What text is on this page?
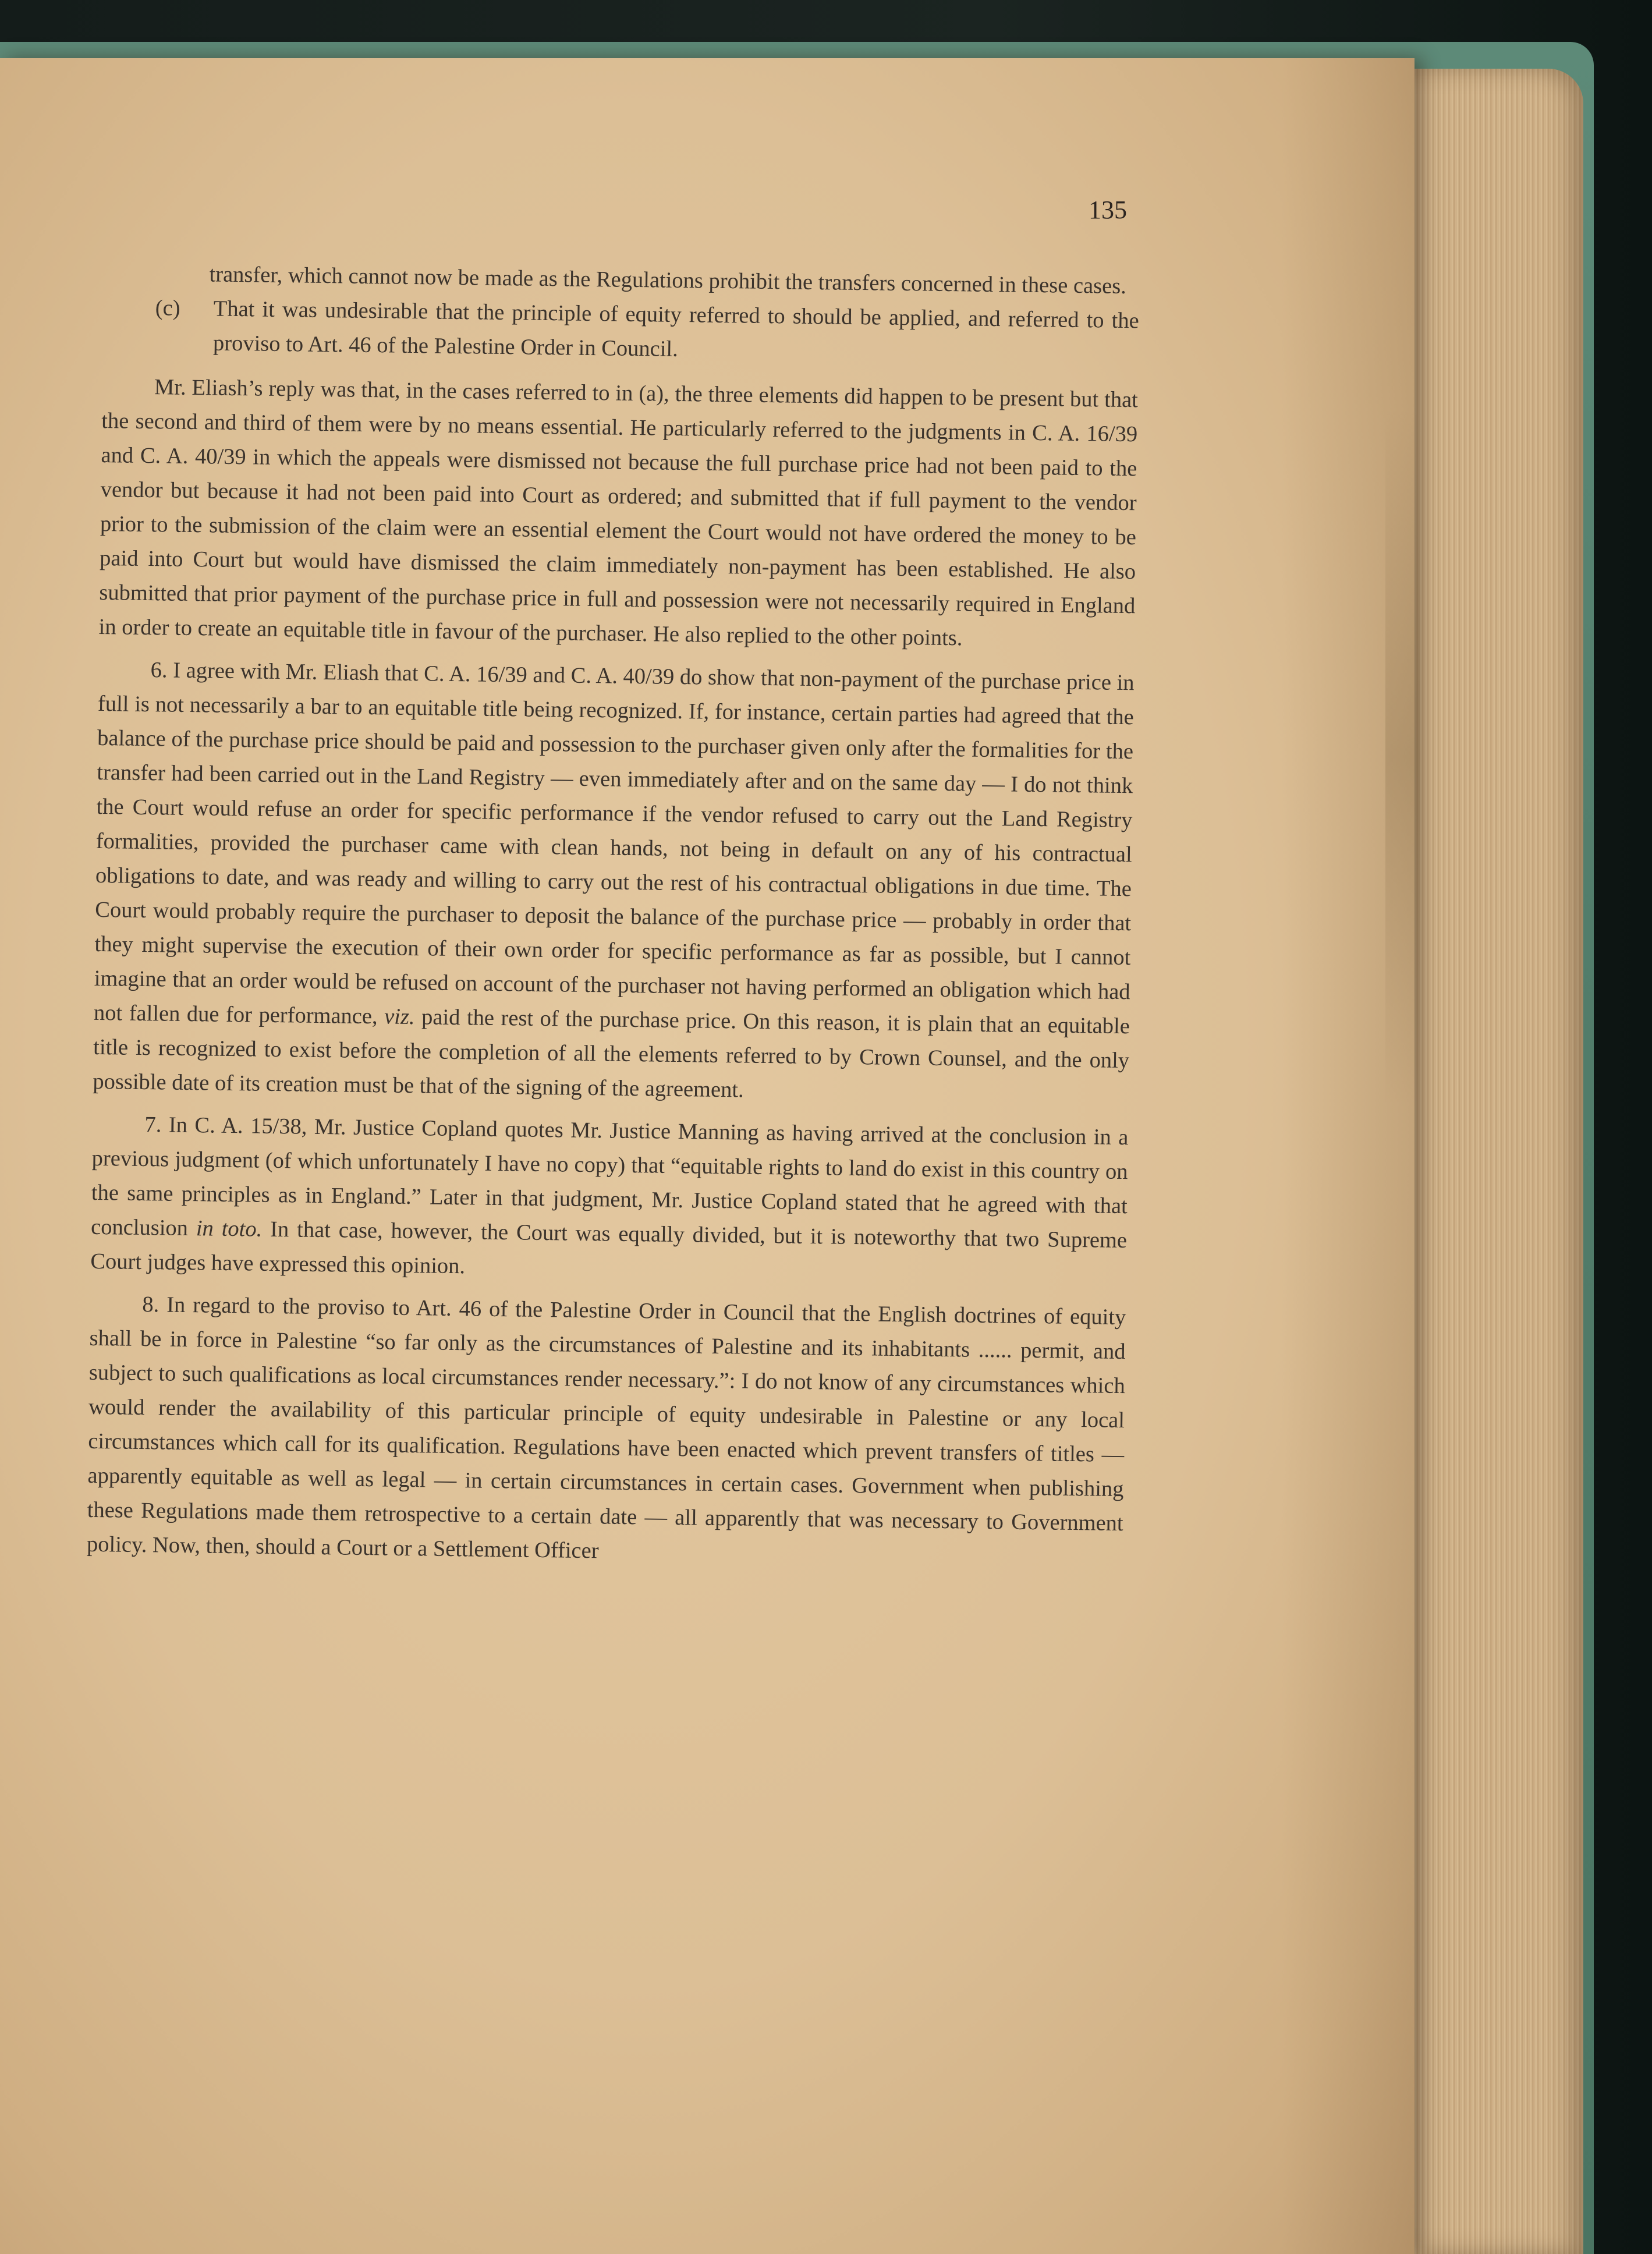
135

transfer, which cannot now be made as the Regulations prohibit the transfers concerned in these cases.

(c)	That it was undesirable that the principle of equity referred to should be applied, and referred to the proviso to Art. 46 of the Palestine Order in Council.

Mr. Eliash’s reply was that, in the cases referred to in (a), the three elements did happen to be present but that the second and third of them were by no means essential. He particularly referred to the judgments in C. A. 16/39 and C. A. 40/39 in which the appeals were dismissed not because the full purchase price had not been paid to the vendor but because it had not been paid into Court as ordered; and submitted that if full payment to the vendor prior to the submission of the claim were an essential element the Court would not have ordered the money to be paid into Court but would have dismissed the claim immediately non-payment has been established. He also submitted that prior payment of the purchase price in full and possession were not necessarily required in England in order to create an equitable title in favour of the purchaser. He also replied to the other points.

6. I agree with Mr. Eliash that C. A. 16/39 and C. A. 40/39 do show that non-payment of the purchase price in full is not necessarily a bar to an equitable title being recognized. If, for instance, certain parties had agreed that the balance of the purchase price should be paid and possession to the purchaser given only after the formalities for the transfer had been carried out in the Land Registry — even immediately after and on the same day — I do not think the Court would refuse an order for specific performance if the vendor refused to carry out the Land Registry formalities, provided the purchaser came with clean hands, not being in default on any of his contractual obligations to date, and was ready and willing to carry out the rest of his contractual obligations in due time. The Court would probably require the purchaser to deposit the balance of the purchase price — probably in order that they might supervise the execution of their own order for specific performance as far as possible, but I cannot imagine that an order would be refused on account of the purchaser not having performed an obligation which had not fallen due for performance, viz. paid the rest of the purchase price. On this reason, it is plain that an equitable title is recognized to exist before the completion of all the elements referred to by Crown Counsel, and the only possible date of its creation must be that of the signing of the agreement.

7. In C. A. 15/38, Mr. Justice Copland quotes Mr. Justice Manning as having arrived at the conclusion in a previous judgment (of which unfortunately I have no copy) that “equitable rights to land do exist in this country on the same principles as in England.” Later in that judgment, Mr. Justice Copland stated that he agreed with that conclusion in toto. In that case, however, the Court was equally divided, but it is noteworthy that two Supreme Court judges have expressed this opinion.

8. In regard to the proviso to Art. 46 of the Palestine Order in Council that the English doctrines of equity shall be in force in Palestine “so far only as the circumstances of Palestine and its inhabitants ...... permit, and subject to such qualifications as local circumstances render necessary.”: I do not know of any circumstances which would render the availability of this particular principle of equity undesirable in Palestine or any local circumstances which call for its qualification. Regulations have been enacted which prevent transfers of titles — apparently equitable as well as legal — in certain circumstances in certain cases. Government when publishing these Regulations made them retrospective to a certain date — all apparently that was necessary to Government policy. Now, then, should a Court or a Settlement Officer
